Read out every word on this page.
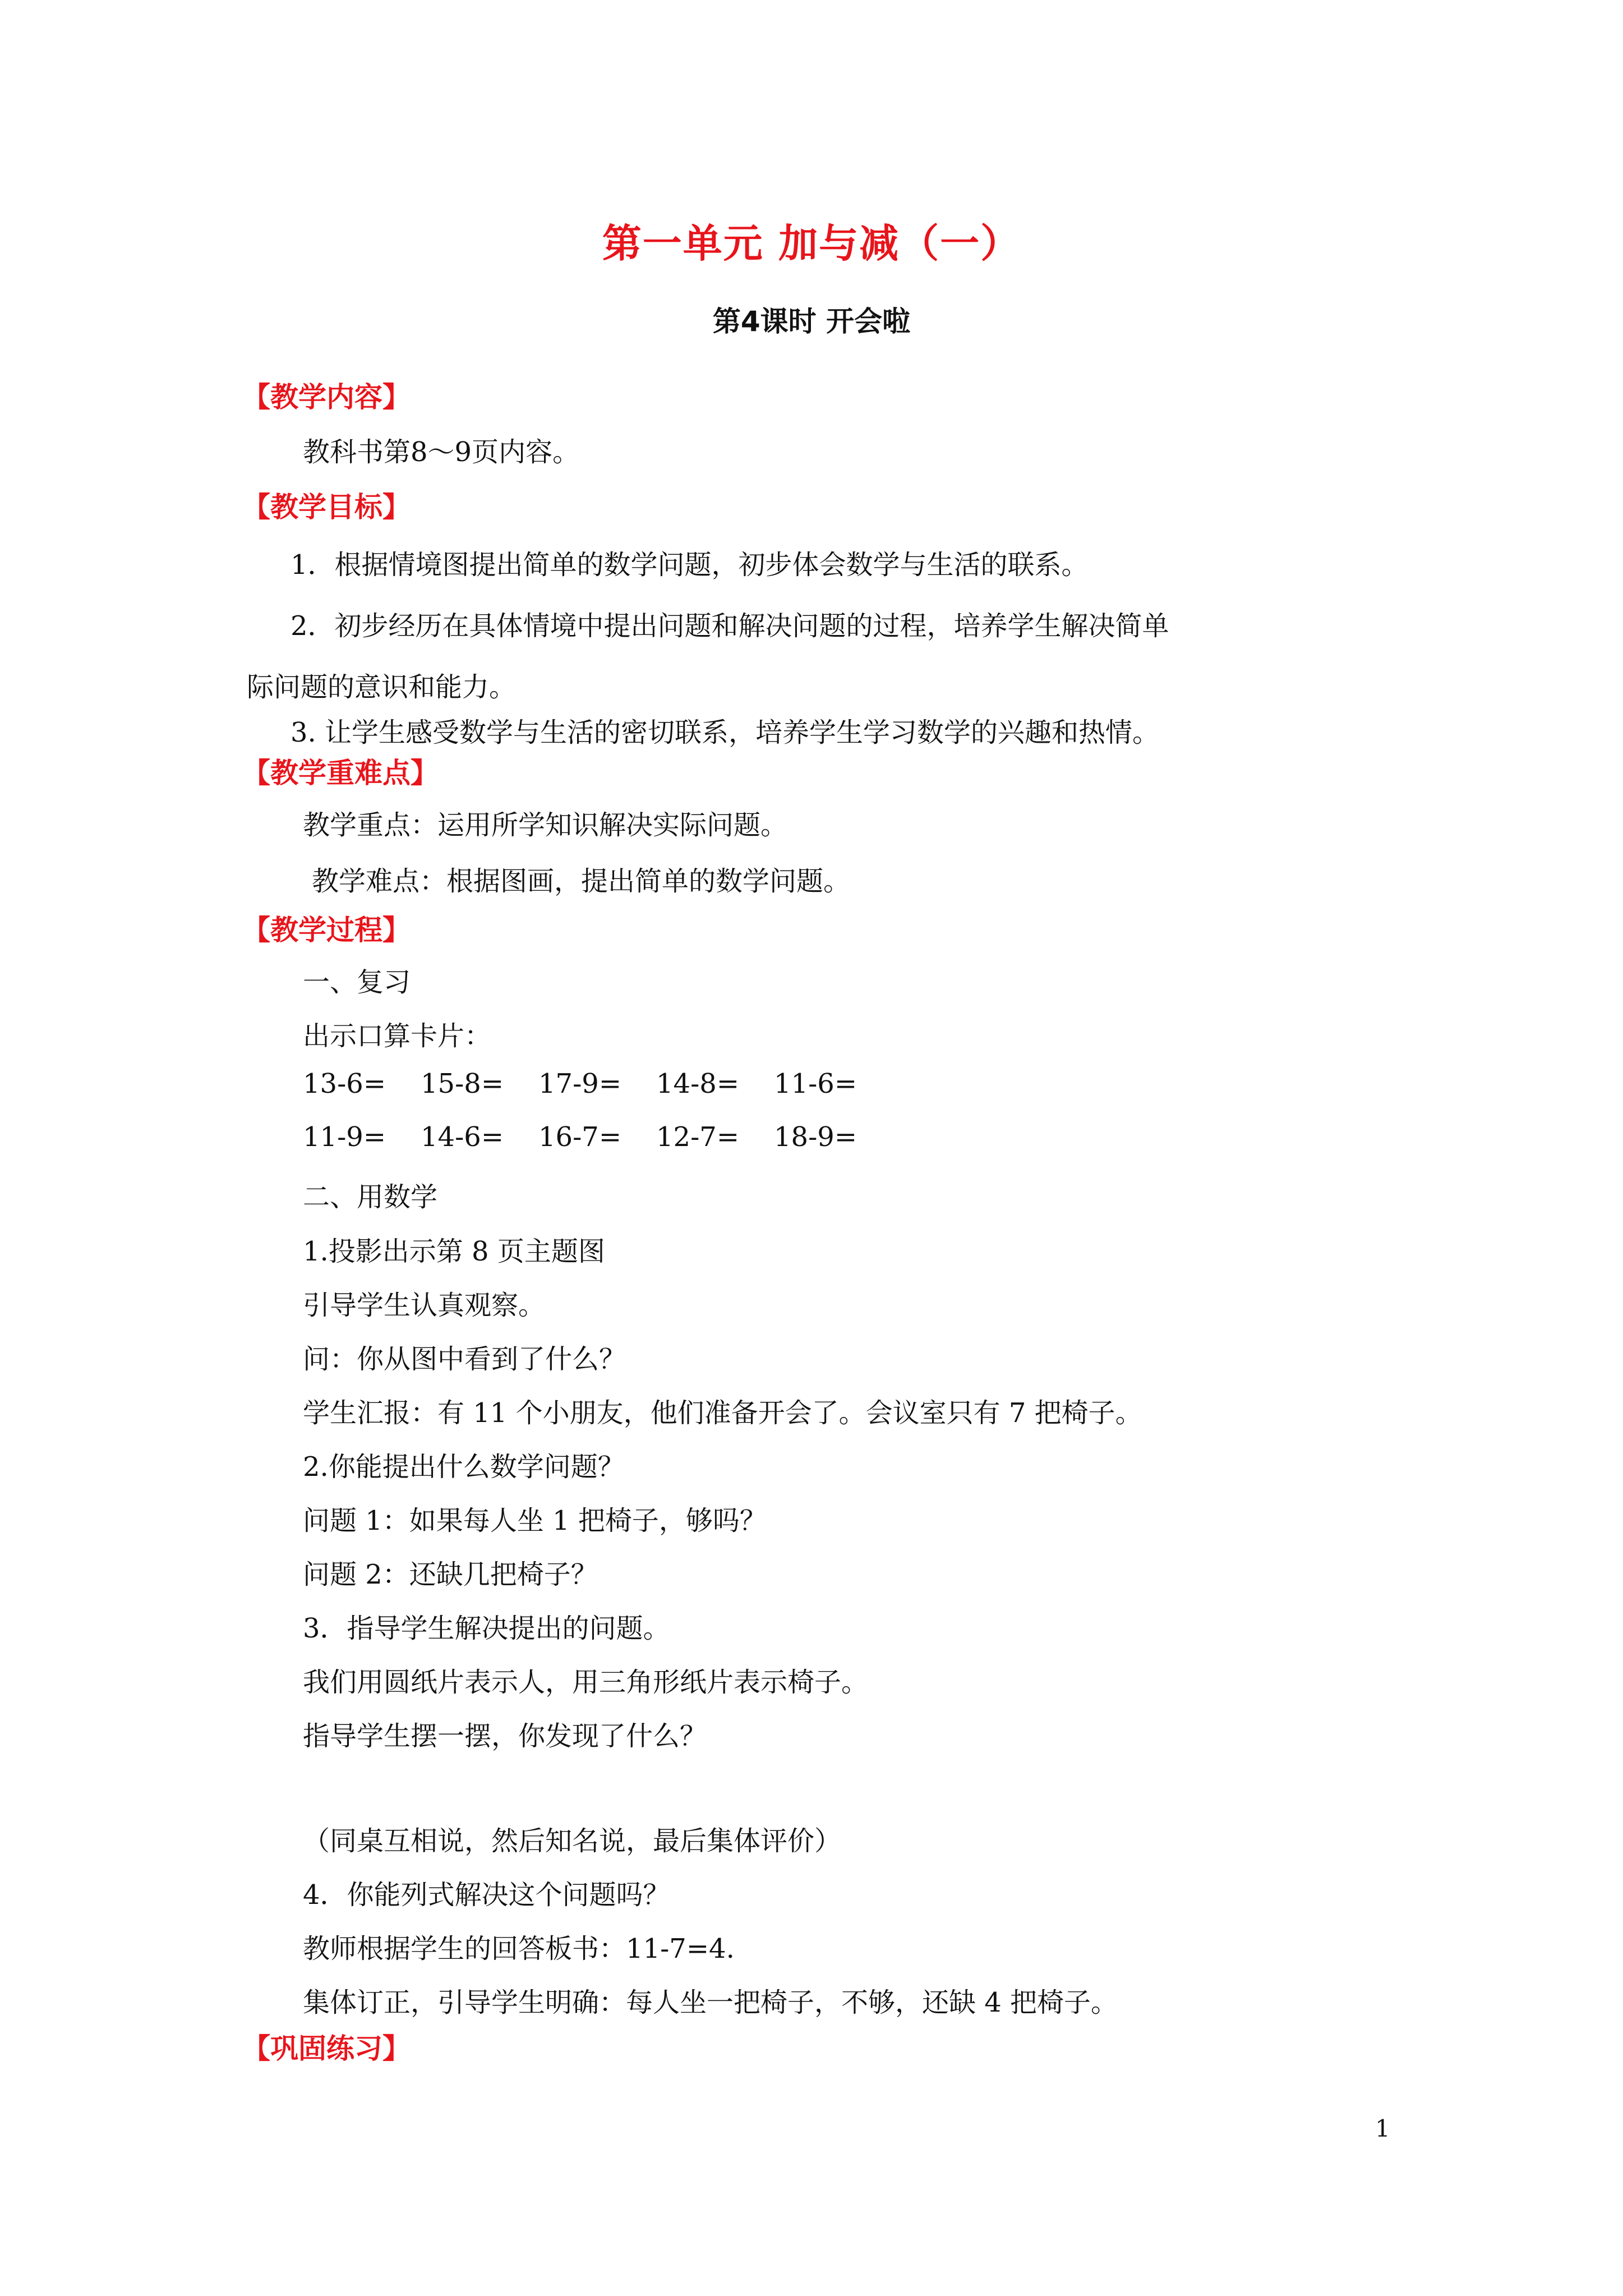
第一单元 加与减（一）
第4课时 开会啦
【教学内容】
教科书第8～9页内容。
【教学目标】
1．根据情境图提出简单的数学问题，初步体会数学与生活的联系。
2．初步经历在具体情境中提出问题和解决问题的过程，培养学生解决简单
际问题的意识和能力。
3. 让学生感受数学与生活的密切联系，培养学生学习数学的兴趣和热情。
【教学重难点】
教学重点：运用所学知识解决实际问题。
教学难点：根据图画，提出简单的数学问题。
【教学过程】
一、复习
出示口算卡片：
13-6= 15-8= 17-9= 14-8= 11-6=
11-9= 14-6= 16-7= 12-7= 18-9=
二、用数学
1.投影出示第 8 页主题图
引导学生认真观察。
问：你从图中看到了什么？
学生汇报：有 11 个小朋友，他们准备开会了。会议室只有 7 把椅子。
2.你能提出什么数学问题？
问题 1：如果每人坐 1 把椅子，够吗？
问题 2：还缺几把椅子？
3．指导学生解决提出的问题。
我们用圆纸片表示人，用三角形纸片表示椅子。
指导学生摆一摆，你发现了什么？
（同桌互相说，然后知名说，最后集体评价）
4．你能列式解决这个问题吗？
教师根据学生的回答板书：11-7=4.
集体订正，引导学生明确：每人坐一把椅子，不够，还缺 4 把椅子。
【巩固练习】
1
